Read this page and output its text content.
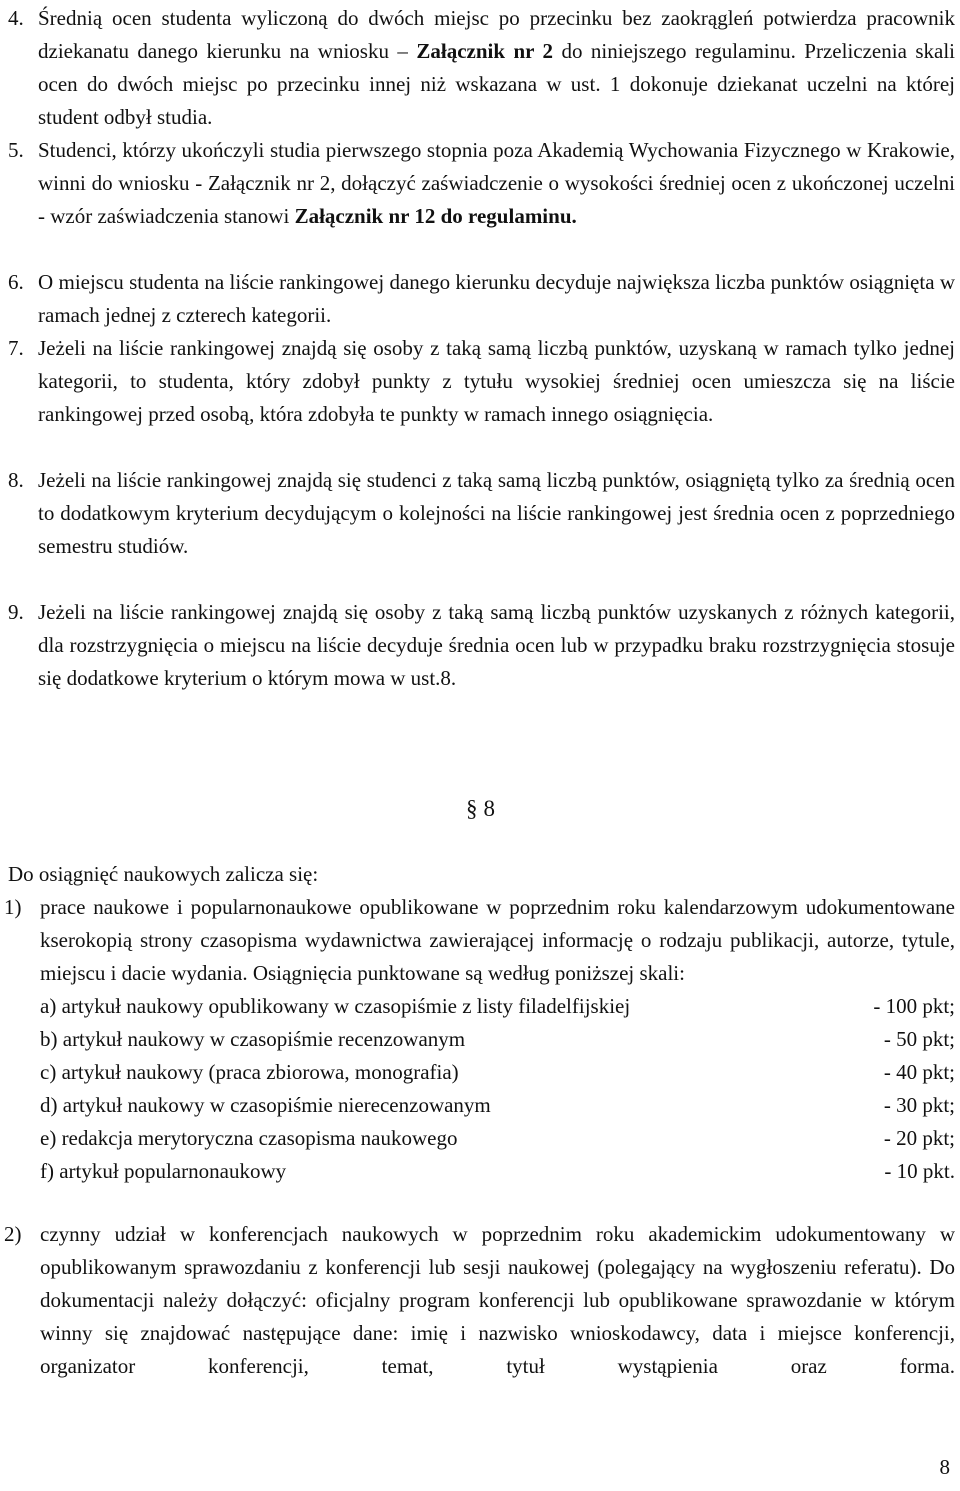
4. Średnią ocen studenta wyliczoną do dwóch miejsc po przecinku bez zaokrągleń potwierdza pracownik dziekanatu danego kierunku na wniosku – Załącznik nr 2 do niniejszego regulaminu. Przeliczenia skali ocen do dwóch miejsc po przecinku innej niż wskazana w ust. 1 dokonuje dziekanat uczelni na której student odbył studia.
5. Studenci, którzy ukończyli studia pierwszego stopnia poza Akademią Wychowania Fizycznego w Krakowie, winni do wniosku - Załącznik nr 2, dołączyć zaświadczenie o wysokości średniej ocen z ukończonej uczelni - wzór zaświadczenia stanowi Załącznik nr 12 do regulaminu.
6. O miejscu studenta na liście rankingowej danego kierunku decyduje największa liczba punktów osiągnięta w ramach jednej z czterech kategorii.
7. Jeżeli na liście rankingowej znajdą się osoby z taką samą liczbą punktów, uzyskaną w ramach tylko jednej kategorii, to studenta, który zdobył punkty z tytułu wysokiej średniej ocen umieszcza się na liście rankingowej przed osobą, która zdobyła te punkty w ramach innego osiągnięcia.
8. Jeżeli na liście rankingowej znajdą się studenci z taką samą liczbą punktów, osiągniętą tylko za średnią ocen to dodatkowym kryterium decydującym o kolejności na liście rankingowej jest średnia ocen z poprzedniego semestru studiów.
9. Jeżeli na liście rankingowej znajdą się osoby z taką samą liczbą punktów uzyskanych z różnych kategorii, dla rozstrzygnięcia o miejscu na liście decyduje średnia ocen lub w przypadku braku rozstrzygnięcia stosuje się dodatkowe kryterium o którym mowa w ust.8.
§ 8
Do osiągnięć naukowych zalicza się:
1) prace naukowe i popularnonaukowe opublikowane w poprzednim roku kalendarzowym udokumentowane kserokopią strony czasopisma wydawnictwa zawierającej informację o rodzaju publikacji, autorze, tytule, miejscu i dacie wydania. Osiągnięcia punktowane są według poniższej skali:
a) artykuł naukowy opublikowany w czasopiśmie z listy filadelfijskiej	- 100 pkt;
b) artykuł naukowy w czasopiśmie recenzowanym	- 50 pkt;
c) artykuł naukowy (praca zbiorowa, monografia)	- 40 pkt;
d) artykuł naukowy w czasopiśmie nierecenzowanym	- 30 pkt;
e) redakcja merytoryczna czasopisma naukowego	- 20 pkt;
f) artykuł popularnonaukowy	- 10 pkt.
2) czynny udział w konferencjach naukowych w poprzednim roku akademickim udokumentowany w opublikowanym sprawozdaniu z konferencji lub sesji naukowej (polegający na wygłoszeniu referatu). Do dokumentacji należy dołączyć: oficjalny program konferencji lub opublikowane sprawozdanie w którym winny się znajdować następujące dane: imię i nazwisko wnioskodawcy, data i miejsce konferencji, organizator konferencji, temat, tytuł wystąpienia oraz forma.
8
